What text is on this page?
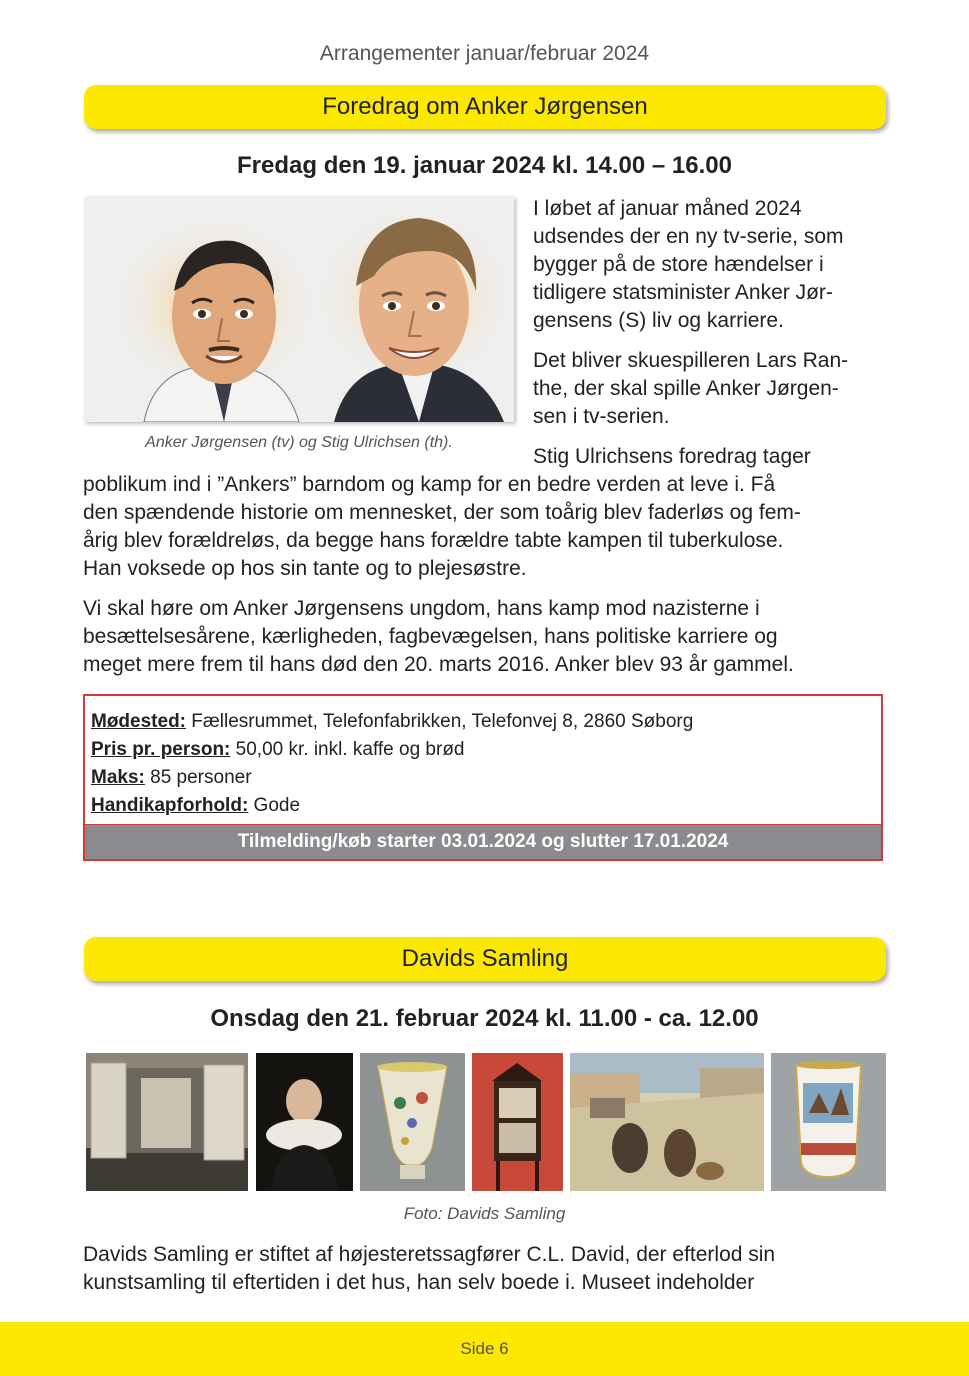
Arrangementer januar/februar 2024
Foredrag om Anker Jørgensen
Fredag den 19. januar 2024 kl. 14.00 – 16.00
Anker Jørgensen (tv) og Stig Ulrichsen (th).
I løbet af januar måned 2024
udsendes der en ny tv-serie, som
bygger på de store hændelser i
tidligere statsminister Anker Jør-
gensens (S) liv og karriere.
Det bliver skuespilleren Lars Ran-
the, der skal spille Anker Jørgen-
sen i tv-serien.
Stig Ulrichsens foredrag tager
poblikum ind i ”Ankers” barndom og kamp for en bedre verden at leve i. Få
den spændende historie om mennesket, der som toårig blev faderløs og fem-
årig blev forældreløs, da begge hans forældre tabte kampen til tuberkulose.
Han voksede op hos sin tante og to plejesøstre.
Vi skal høre om Anker Jørgensens ungdom, hans kamp mod nazisterne i
besættelsesårene, kærligheden, fagbevægelsen, hans politiske karriere og
meget mere frem til hans død den 20. marts 2016. Anker blev 93 år gammel.
Mødested: Fællesrummet, Telefonfabrikken, Telefonvej 8, 2860 Søborg
Pris pr. person: 50,00 kr. inkl. kaffe og brød
Maks: 85 personer
Handikapforhold: Gode
Tilmelding/køb starter 03.01.2024 og slutter 17.01.2024
Davids Samling
Onsdag den 21. februar 2024 kl. 11.00 - ca. 12.00
Foto: Davids Samling
Davids Samling er stiftet af højesteretssagfører C.L. David, der efterlod sin
kunstsamling til eftertiden i det hus, han selv boede i. Museet indeholder
Side 6
